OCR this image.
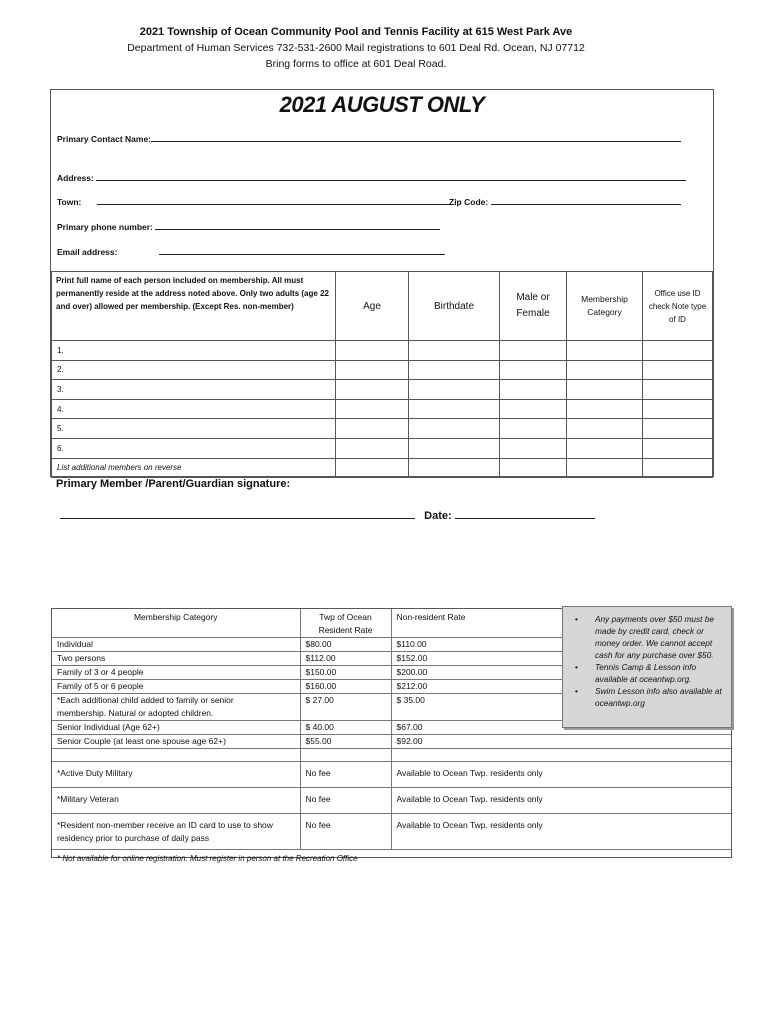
2021 Township of Ocean Community Pool and Tennis Facility at 615 West Park Ave
Department of Human Services 732-531-2600 Mail registrations to 601 Deal Rd. Ocean, NJ 07712
Bring forms to office at 601 Deal Road.
2021 AUGUST ONLY
Primary Contact Name:
Address:
Town:	Zip Code:
Primary phone number:
Email address:
Print full name of each person included on membership. All must permanently reside at the address noted above. Only two adults (age 22 and over) allowed per membership. (Except Res. non-member)	Age	Birthdate	Male or Female	Membership Category	Office use ID check Note type of ID
1.					
2.					
3.					
4.					
5.					
6.					
List additional members on reverse					
Primary Member /Parent/Guardian signature:
Date:
Membership Category	Twp of Ocean Resident Rate	Non-resident Rate
Individual	$80.00	$110.00
Two persons	$112.00	$152.00
Family of 3 or 4 people	$150.00	$200.00
Family of 5 or 6 people	$160.00	$212.00
*Each additional child added to family or senior membership. Natural or adopted children.	$ 27.00	$ 35.00
Senior Individual (Age 62+)	$ 40.00	$67.00
Senior Couple (at least one spouse age 62+)	$55.00	$92.00

*Active Duty Military	No fee	Available to Ocean Twp. residents only
*Military Veteran	No fee	Available to Ocean Twp. residents only
*Resident non-member receive an ID card to use to show residency prior to purchase of daily pass	No fee	Available to Ocean Twp. residents only
* Not available for online registration. Must register in person at the Recreation Office		
• Any payments over $50 must be made by credit card, check or money order. We cannot accept cash for any purchase over $50.
• Tennis Camp & Lesson info available at oceantwp.org.
• Swim Lesson info also available at oceantwp.org
